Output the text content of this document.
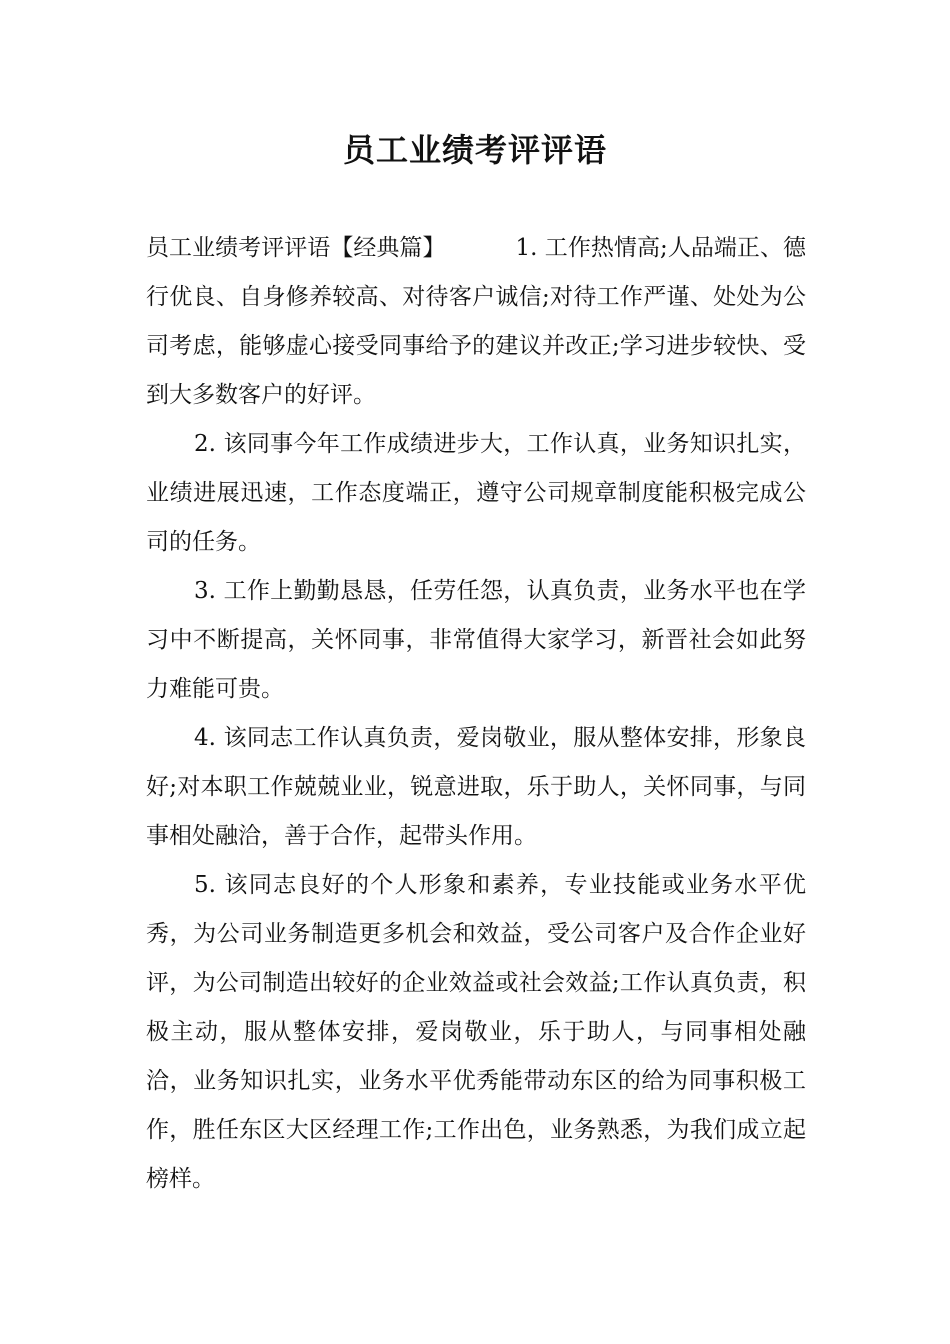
员工业绩考评评语

员工业绩考评评语【经典篇】	1. 工作热情高;人品端正、德行优良、自身修养较高、对待客户诚信;对待工作严谨、处处为公司考虑，能够虚心接受同事给予的建议并改正;学习进步较快、受到大多数客户的好评。

2. 该同事今年工作成绩进步大，工作认真，业务知识扎实，业绩进展迅速，工作态度端正，遵守公司规章制度能积极完成公司的任务。

3. 工作上勤勤恳恳，任劳任怨，认真负责，业务水平也在学习中不断提高，关怀同事，非常值得大家学习，新晋社会如此努力难能可贵。

4. 该同志工作认真负责，爱岗敬业，服从整体安排，形象良好;对本职工作兢兢业业，锐意进取，乐于助人，关怀同事，与同事相处融洽，善于合作，起带头作用。

5. 该同志良好的个人形象和素养，专业技能或业务水平优秀，为公司业务制造更多机会和效益，受公司客户及合作企业好评，为公司制造出较好的企业效益或社会效益;工作认真负责，积极主动，服从整体安排，爱岗敬业，乐于助人，与同事相处融洽，业务知识扎实，业务水平优秀能带动东区的给为同事积极工作，胜任东区大区经理工作;工作出色，业务熟悉，为我们成立起榜样。
